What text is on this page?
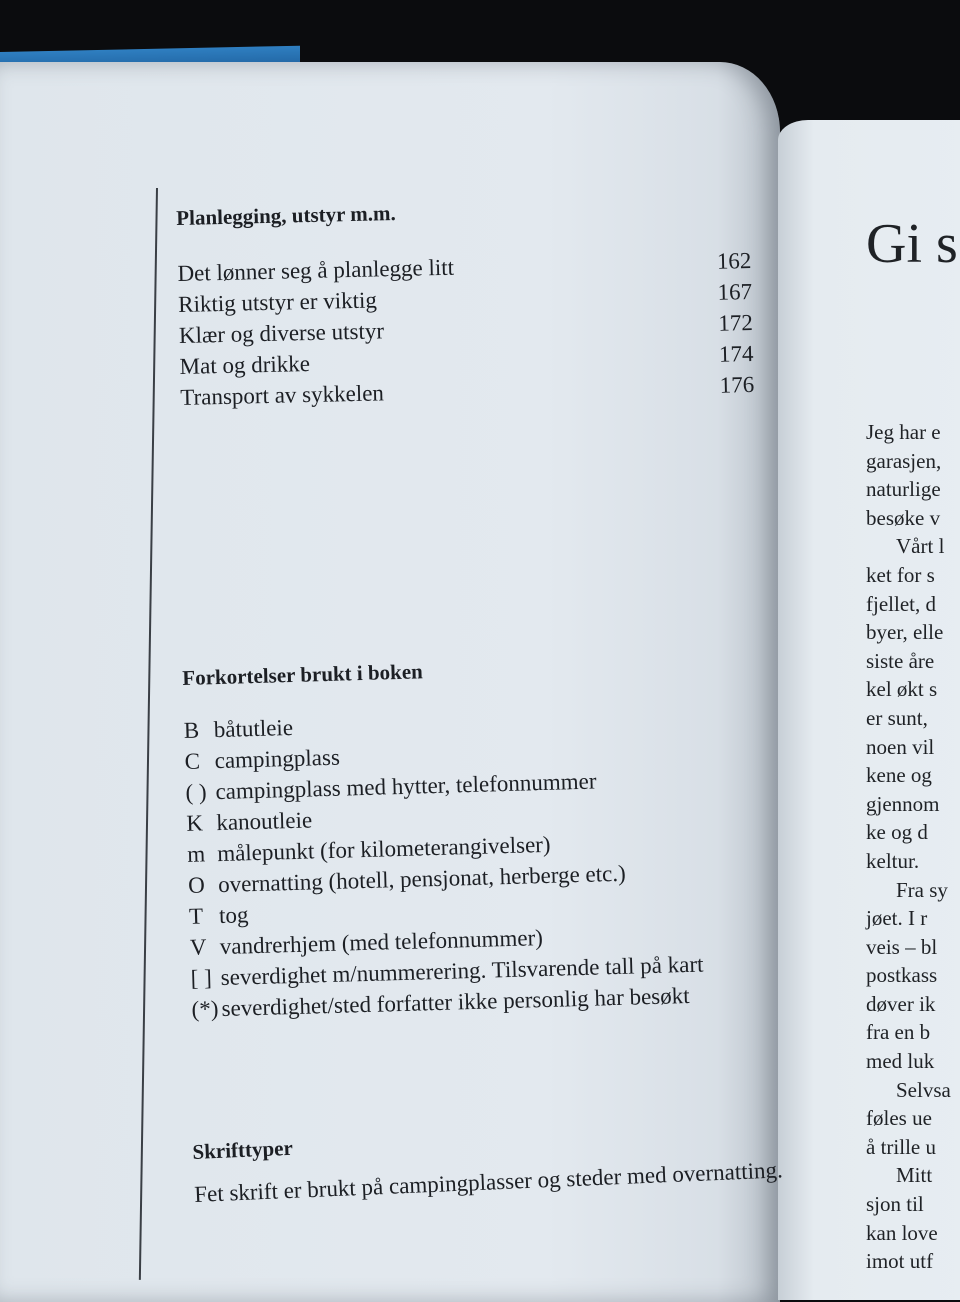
Planlegging, utstyr m.m.
Det lønner seg å planlegge litt	162
Riktig utstyr er viktig	167
Klær og diverse utstyr	172
Mat og drikke	174
Transport av sykkelen	176
Forkortelser brukt i boken
B båtutleie
C campingplass
( ) campingplass med hytter, telefonnummer
K kanoutleie
m målepunkt (for kilometerangivelser)
O overnatting (hotell, pensjonat, herberge etc.)
T tog
V vandrerhjem (med telefonnummer)
[ ] severdighet m/nummerering. Tilsvarende tall på kart
(*) severdighet/sted forfatter ikke personlig har besøkt
Skrifttyper

Fet skrift er brukt på campingplasser og steder med overnatting.

Gi s
Jeg har e
garasjen,
naturlige
besøke v
Vårt l
ket for s
fjellet, d
byer, elle
siste åre
kel økt s
er sunt,
noen vil
kene og
gjennom
ke og d
keltur.
Fra sy
jøet. I r
veis – bl
postkass
døver ik
fra en b
med luk
Selvsa
føles ue
å trille u
Mitt
sjon til
kan love
imot utf
